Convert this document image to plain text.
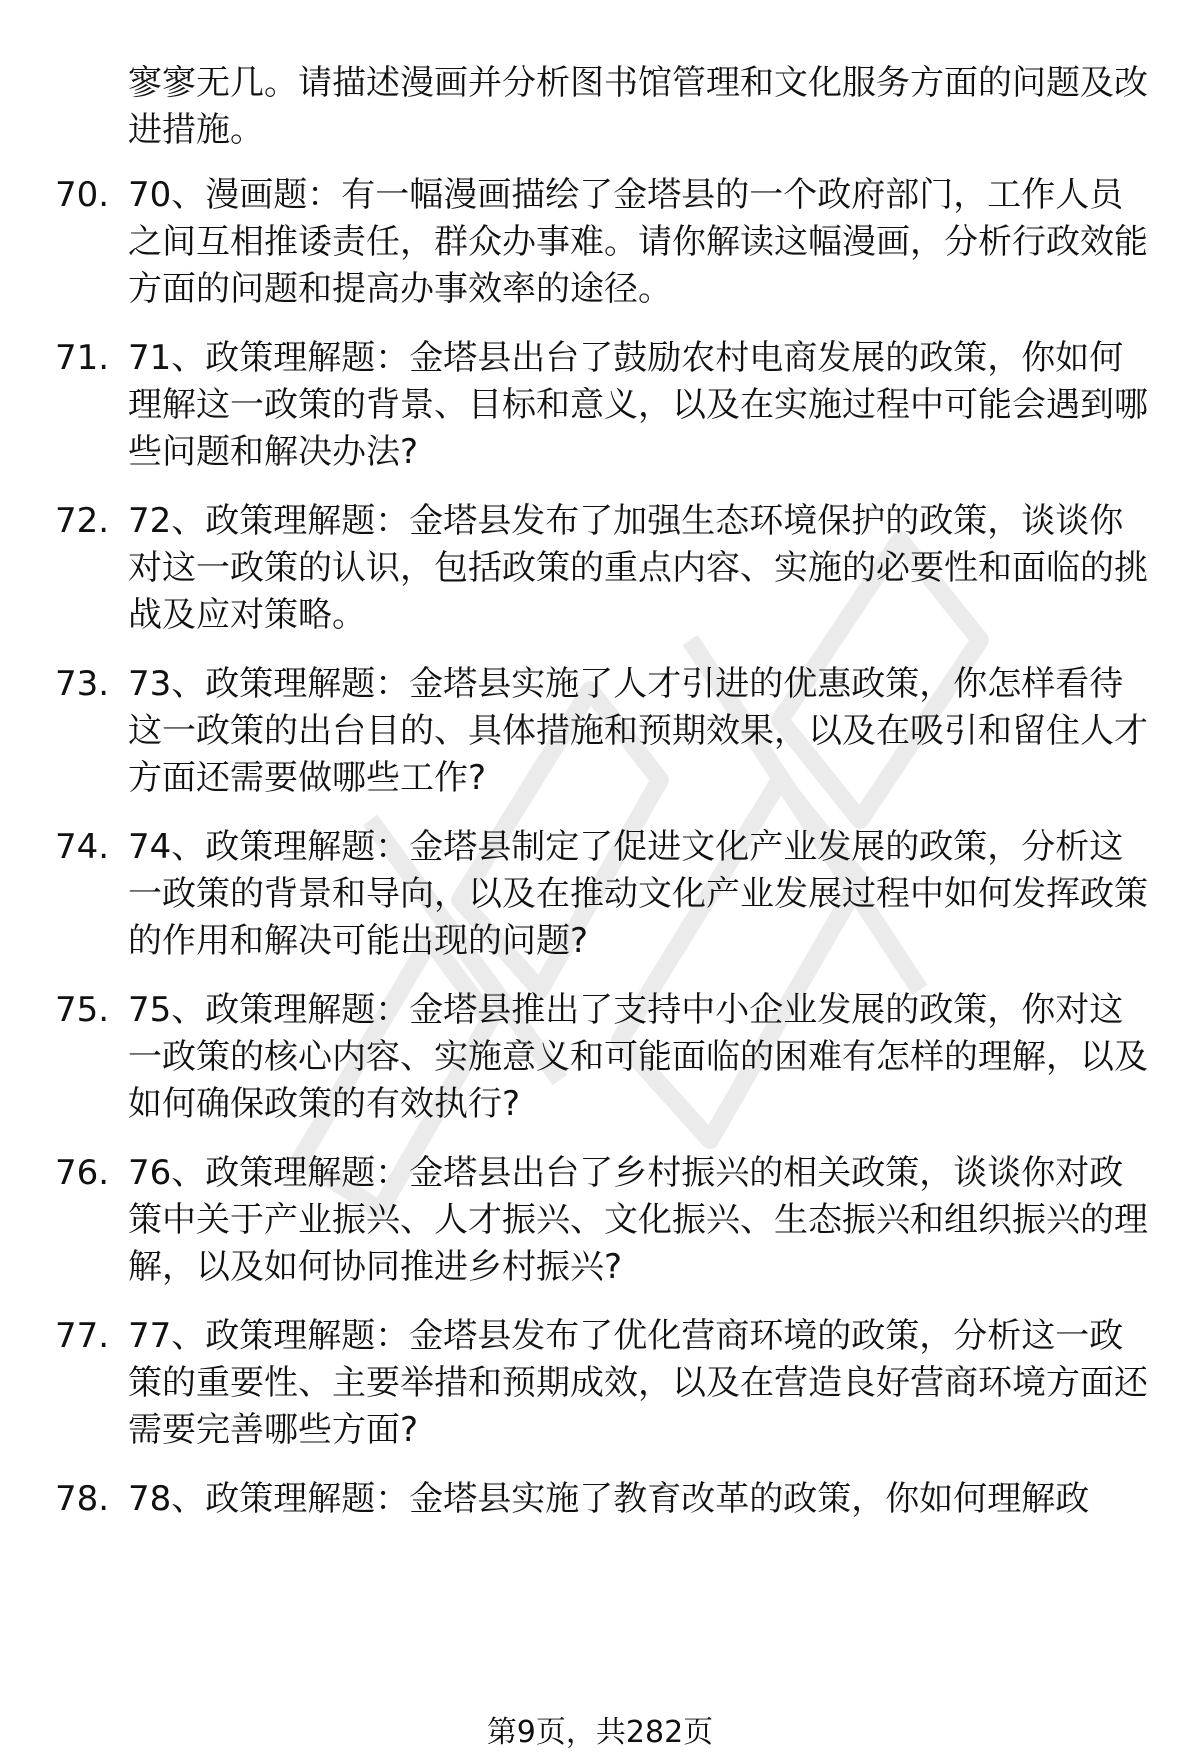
寥寥无几。请描述漫画并分析图书馆管理和文化服务方面的问题及改进措施。
70. 70、漫画题：有一幅漫画描绘了金塔县的一个政府部门，工作人员之间互相推诿责任，群众办事难。请你解读这幅漫画，分析行政效能方面的问题和提高办事效率的途径。
71. 71、政策理解题：金塔县出台了鼓励农村电商发展的政策，你如何理解这一政策的背景、目标和意义，以及在实施过程中可能会遇到哪些问题和解决办法?
72. 72、政策理解题：金塔县发布了加强生态环境保护的政策，谈谈你对这一政策的认识，包括政策的重点内容、实施的必要性和面临的挑战及应对策略。
73. 73、政策理解题：金塔县实施了人才引进的优惠政策，你怎样看待这一政策的出台目的、具体措施和预期效果，以及在吸引和留住人才方面还需要做哪些工作?
74. 74、政策理解题：金塔县制定了促进文化产业发展的政策，分析这一政策的背景和导向，以及在推动文化产业发展过程中如何发挥政策的作用和解决可能出现的问题?
75. 75、政策理解题：金塔县推出了支持中小企业发展的政策，你对这一政策的核心内容、实施意义和可能面临的困难有怎样的理解，以及如何确保政策的有效执行?
76. 76、政策理解题：金塔县出台了乡村振兴的相关政策，谈谈你对政策中关于产业振兴、人才振兴、文化振兴、生态振兴和组织振兴的理解，以及如何协同推进乡村振兴?
77. 77、政策理解题：金塔县发布了优化营商环境的政策，分析这一政策的重要性、主要举措和预期成效，以及在营造良好营商环境方面还需要完善哪些方面?
78. 78、政策理解题：金塔县实施了教育改革的政策，你如何理解政
第9页，共282页
